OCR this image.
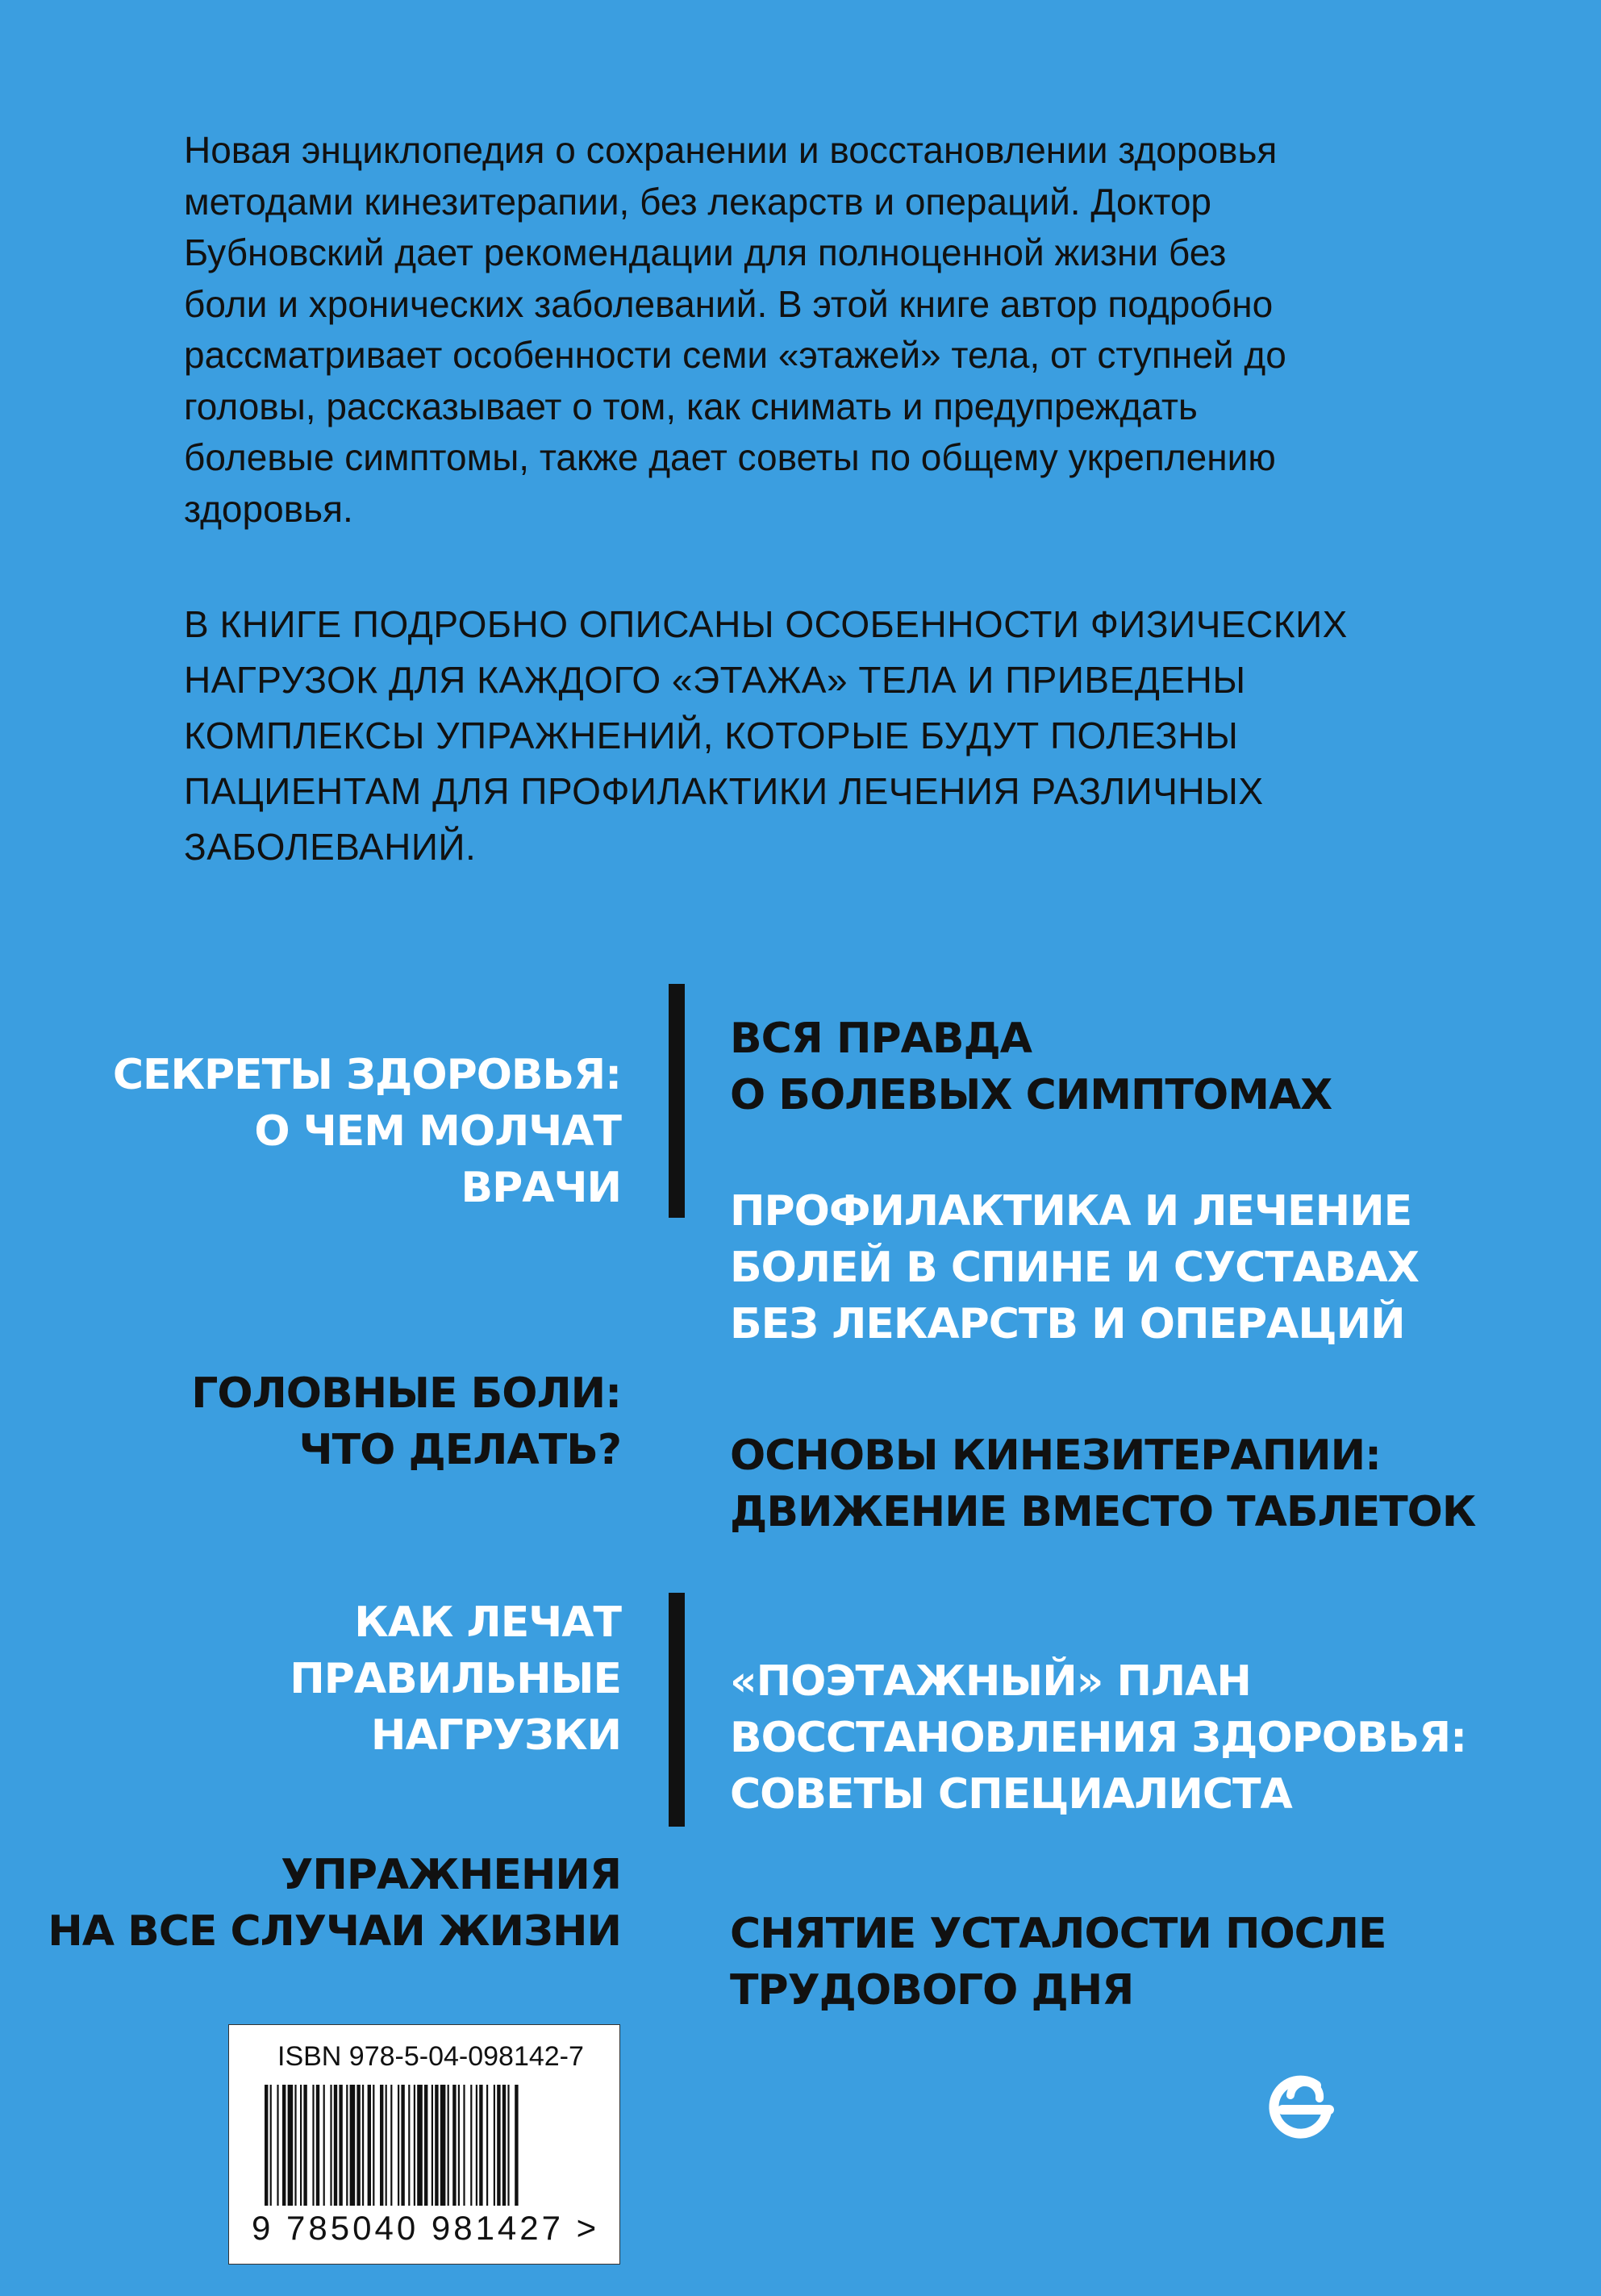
Новая энциклопедия о сохранении и восстановлении здоровья
методами кинезитерапии, без лекарств и операций. Доктор
Бубновский дает рекомендации для полноценной жизни без
боли и хронических заболеваний. В этой книге автор подробно
рассматривает особенности семи «этажей» тела, от ступней до
головы, рассказывает о том, как снимать и предупреждать
болевые симптомы, также дает советы по общему укреплению
здоровья.
В КНИГЕ ПОДРОБНО ОПИСАНЫ ОСОБЕННОСТИ ФИЗИЧЕСКИХ
НАГРУЗОК ДЛЯ КАЖДОГО «ЭТАЖА» ТЕЛА И ПРИВЕДЕНЫ
КОМПЛЕКСЫ УПРАЖНЕНИЙ, КОТОРЫЕ БУДУТ ПОЛЕЗНЫ
ПАЦИЕНТАМ ДЛЯ ПРОФИЛАКТИКИ ЛЕЧЕНИЯ РАЗЛИЧНЫХ
ЗАБОЛЕВАНИЙ.
СЕКРЕТЫ ЗДОРОВЬЯ:
О ЧЕМ МОЛЧАТ
ВРАЧИ
ГОЛОВНЫЕ БОЛИ:
ЧТО ДЕЛАТЬ?
КАК ЛЕЧАТ
ПРАВИЛЬНЫЕ
НАГРУЗКИ
УПРАЖНЕНИЯ
НА ВСЕ СЛУЧАИ ЖИЗНИ
ВСЯ ПРАВДА
О БОЛЕВЫХ СИМПТОМАХ
ПРОФИЛАКТИКА И ЛЕЧЕНИЕ
БОЛЕЙ В СПИНЕ И СУСТАВАХ
БЕЗ ЛЕКАРСТВ И ОПЕРАЦИЙ
ОСНОВЫ КИНЕЗИТЕРАПИИ:
ДВИЖЕНИЕ ВМЕСТО ТАБЛЕТОК
«ПОЭТАЖНЫЙ» ПЛАН
ВОССТАНОВЛЕНИЯ ЗДОРОВЬЯ:
СОВЕТЫ СПЕЦИАЛИСТА
СНЯТИЕ УСТАЛОСТИ ПОСЛЕ
ТРУДОВОГО ДНЯ
ISBN 978-5-04-098142-7
9 785040 981427 >
